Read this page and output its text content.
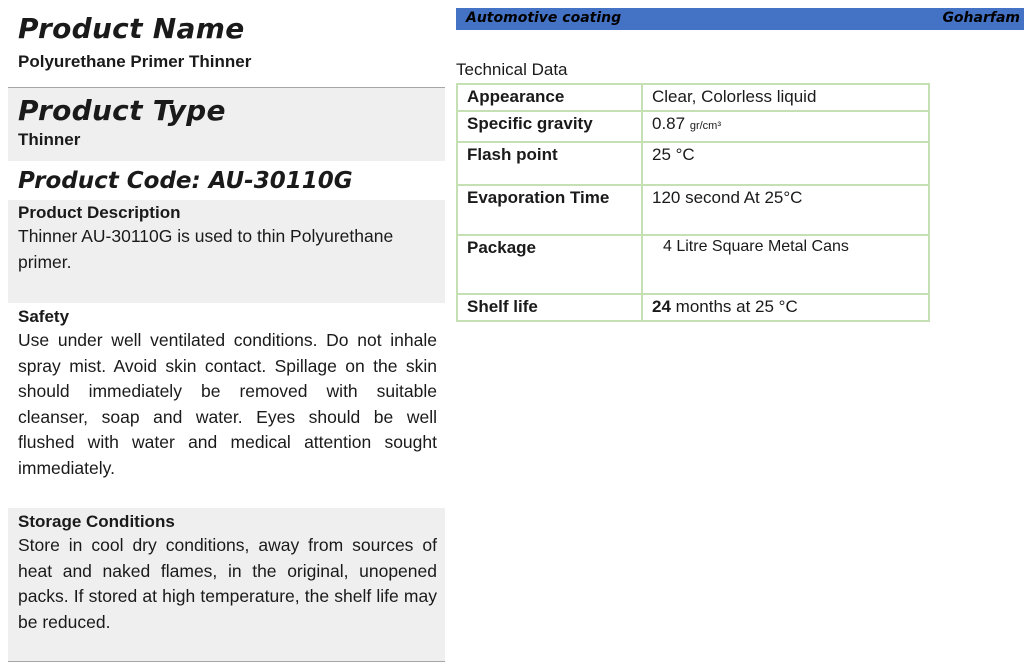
Automotive coating	Goharfam
Product Name
Polyurethane Primer Thinner
Product Type
Thinner
Product Code: AU-30110G
Product Description
Thinner AU-30110G is used to thin Polyurethane primer.
Safety
Use under well ventilated conditions. Do not inhale spray mist. Avoid skin contact. Spillage on the skin should immediately be removed with suitable cleanser, soap and water. Eyes should be well flushed with water and medical attention sought immediately.
Storage Conditions
Store in cool dry conditions, away from sources of heat and naked flames, in the original, unopened packs. If stored at high temperature, the shelf life may be reduced.
Technical Data
Appearance	Clear, Colorless liquid
Specific gravity	0.87 gr/cm³
Flash point	25 °C
Evaporation Time	120 second At 25°C
Package	4 Litre Square Metal Cans
Shelf life	24 months at 25 °C
